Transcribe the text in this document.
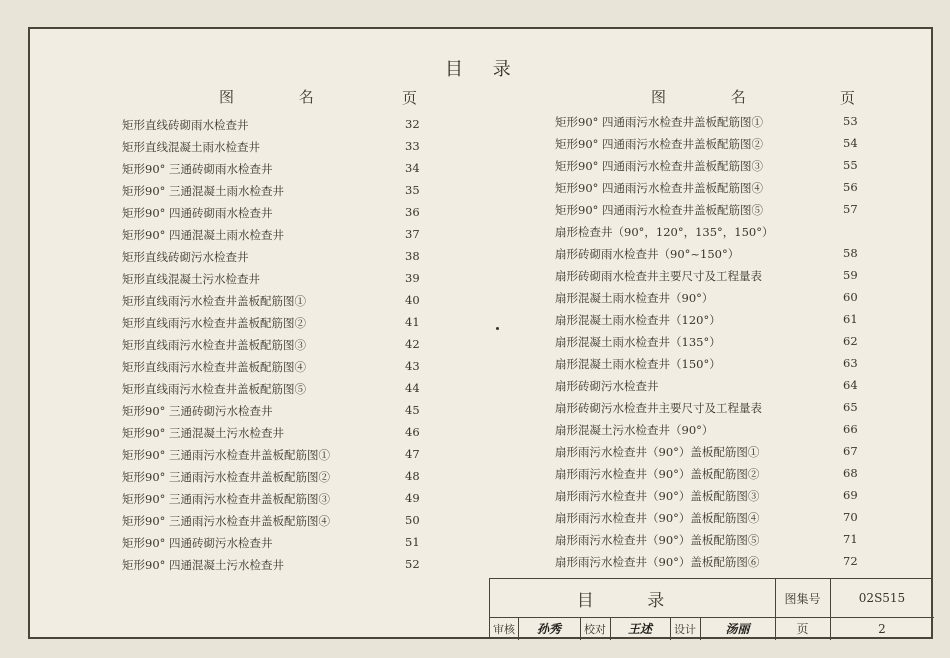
目 录
图 名	页	图 名	页
矩形直线砖砌雨水检查井	32
矩形直线混凝土雨水检查井	33
矩形90° 三通砖砌雨水检查井	34
矩形90° 三通混凝土雨水检查井	35
矩形90° 四通砖砌雨水检查井	36
矩形90° 四通混凝土雨水检查井	37
矩形直线砖砌污水检查井	38
矩形直线混凝土污水检查井	39
矩形直线雨污水检查井盖板配筋图①	40
矩形直线雨污水检查井盖板配筋图②	41
矩形直线雨污水检查井盖板配筋图③	42
矩形直线雨污水检查井盖板配筋图④	43
矩形直线雨污水检查井盖板配筋图⑤	44
矩形90° 三通砖砌污水检查井	45
矩形90° 三通混凝土污水检查井	46
矩形90° 三通雨污水检查井盖板配筋图①	47
矩形90° 三通雨污水检查井盖板配筋图②	48
矩形90° 三通雨污水检查井盖板配筋图③	49
矩形90° 三通雨污水检查井盖板配筋图④	50
矩形90° 四通砖砌污水检查井	51
矩形90° 四通混凝土污水检查井	52
矩形90° 四通雨污水检查井盖板配筋图①	53
矩形90° 四通雨污水检查井盖板配筋图②	54
矩形90° 四通雨污水检查井盖板配筋图③	55
矩形90° 四通雨污水检查井盖板配筋图④	56
矩形90° 四通雨污水检查井盖板配筋图⑤	57
扇形检查井（90°，120°，135°，150°）
扇形砖砌雨水检查井（90°~150°）	58
扇形砖砌雨水检查井主要尺寸及工程量表	59
扇形混凝土雨水检查井（90°）	60
扇形混凝土雨水检查井（120°）	61
扇形混凝土雨水检查井（135°）	62
扇形混凝土雨水检查井（150°）	63
扇形砖砌污水检查井	64
扇形砖砌污水检查井主要尺寸及工程量表	65
扇形混凝土污水检查井（90°）	66
扇形雨污水检查井（90°）盖板配筋图①	67
扇形雨污水检查井（90°）盖板配筋图②	68
扇形雨污水检查井（90°）盖板配筋图③	69
扇形雨污水检查井（90°）盖板配筋图④	70
扇形雨污水检查井（90°）盖板配筋图⑤	71
扇形雨污水检查井（90°）盖板配筋图⑥	72
目 录	图集号	02S515
审核	孙秀	校对	王述	设计	汤丽	页	2
